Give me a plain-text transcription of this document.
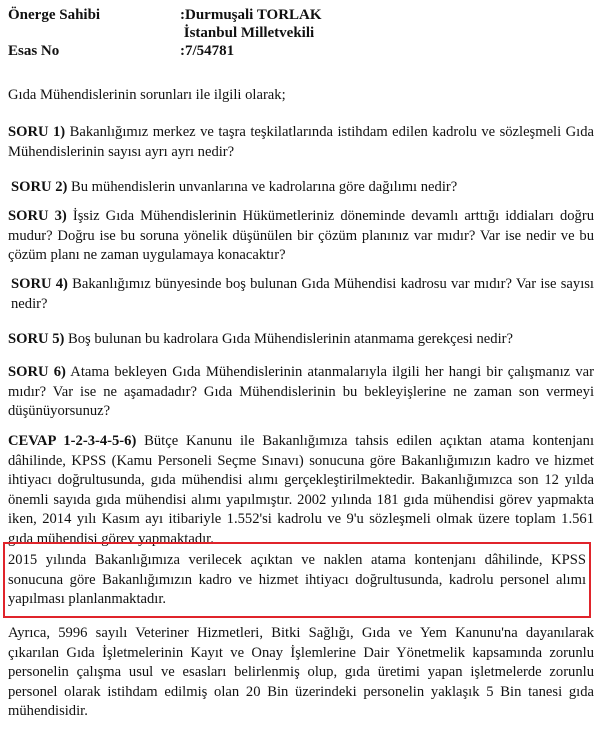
Önerge Sahibi	:Durmuşali TORLAK
İstanbul Milletvekili
Esas No	:7/54781

Gıda Mühendislerinin sorunları ile ilgili olarak;

SORU 1) Bakanlığımız merkez ve taşra teşkilatlarında istihdam edilen kadrolu ve sözleşmeli Gıda Mühendislerinin sayısı ayrı ayrı nedir?

SORU 2) Bu mühendislerin unvanlarına ve kadrolarına göre dağılımı nedir?

SORU 3) İşsiz Gıda Mühendislerinin Hükümetleriniz döneminde devamlı arttığı iddiaları doğru mudur? Doğru ise bu soruna yönelik düşünülen bir çözüm planınız var mıdır? Var ise nedir ve bu çözüm planı ne zaman uygulamaya konacaktır?

SORU 4) Bakanlığımız bünyesinde boş bulunan Gıda Mühendisi kadrosu var mıdır? Var ise sayısı nedir?

SORU 5) Boş bulunan bu kadrolara Gıda Mühendislerinin atanmama gerekçesi nedir?

SORU 6) Atama bekleyen Gıda Mühendislerinin atanmalarıyla ilgili her hangi bir çalışmanız var mıdır? Var ise ne aşamadadır? Gıda Mühendislerinin bu bekleyişlerine ne zaman son vermeyi düşünüyorsunuz?

CEVAP 1-2-3-4-5-6) Bütçe Kanunu ile Bakanlığımıza tahsis edilen açıktan atama kontenjanı dâhilinde, KPSS (Kamu Personeli Seçme Sınavı) sonucuna göre Bakanlığımızın kadro ve hizmet ihtiyacı doğrultusunda, gıda mühendisi alımı gerçekleştirilmektedir. Bakanlığımızca son 12 yılda önemli sayıda gıda mühendisi alımı yapılmıştır. 2002 yılında 181 gıda mühendisi görev yapmakta iken, 2014 yılı Kasım ayı itibariyle 1.552'si kadrolu ve 9'u sözleşmeli olmak üzere toplam 1.561 gıda mühendisi görev yapmaktadır.

2015 yılında Bakanlığımıza verilecek açıktan ve naklen atama kontenjanı dâhilinde, KPSS sonucuna göre Bakanlığımızın kadro ve hizmet ihtiyacı doğrultusunda, kadrolu personel alımı yapılması planlanmaktadır.

Ayrıca, 5996 sayılı Veteriner Hizmetleri, Bitki Sağlığı, Gıda ve Yem Kanunu'na dayanılarak çıkarılan Gıda İşletmelerinin Kayıt ve Onay İşlemlerine Dair Yönetmelik kapsamında zorunlu personelin çalışma usul ve esasları belirlenmiş olup, gıda üretimi yapan işletmelerde zorunlu personel olarak istihdam edilmiş olan 20 Bin üzerindeki personelin yaklaşık 5 Bin tanesi gıda mühendisidir.
